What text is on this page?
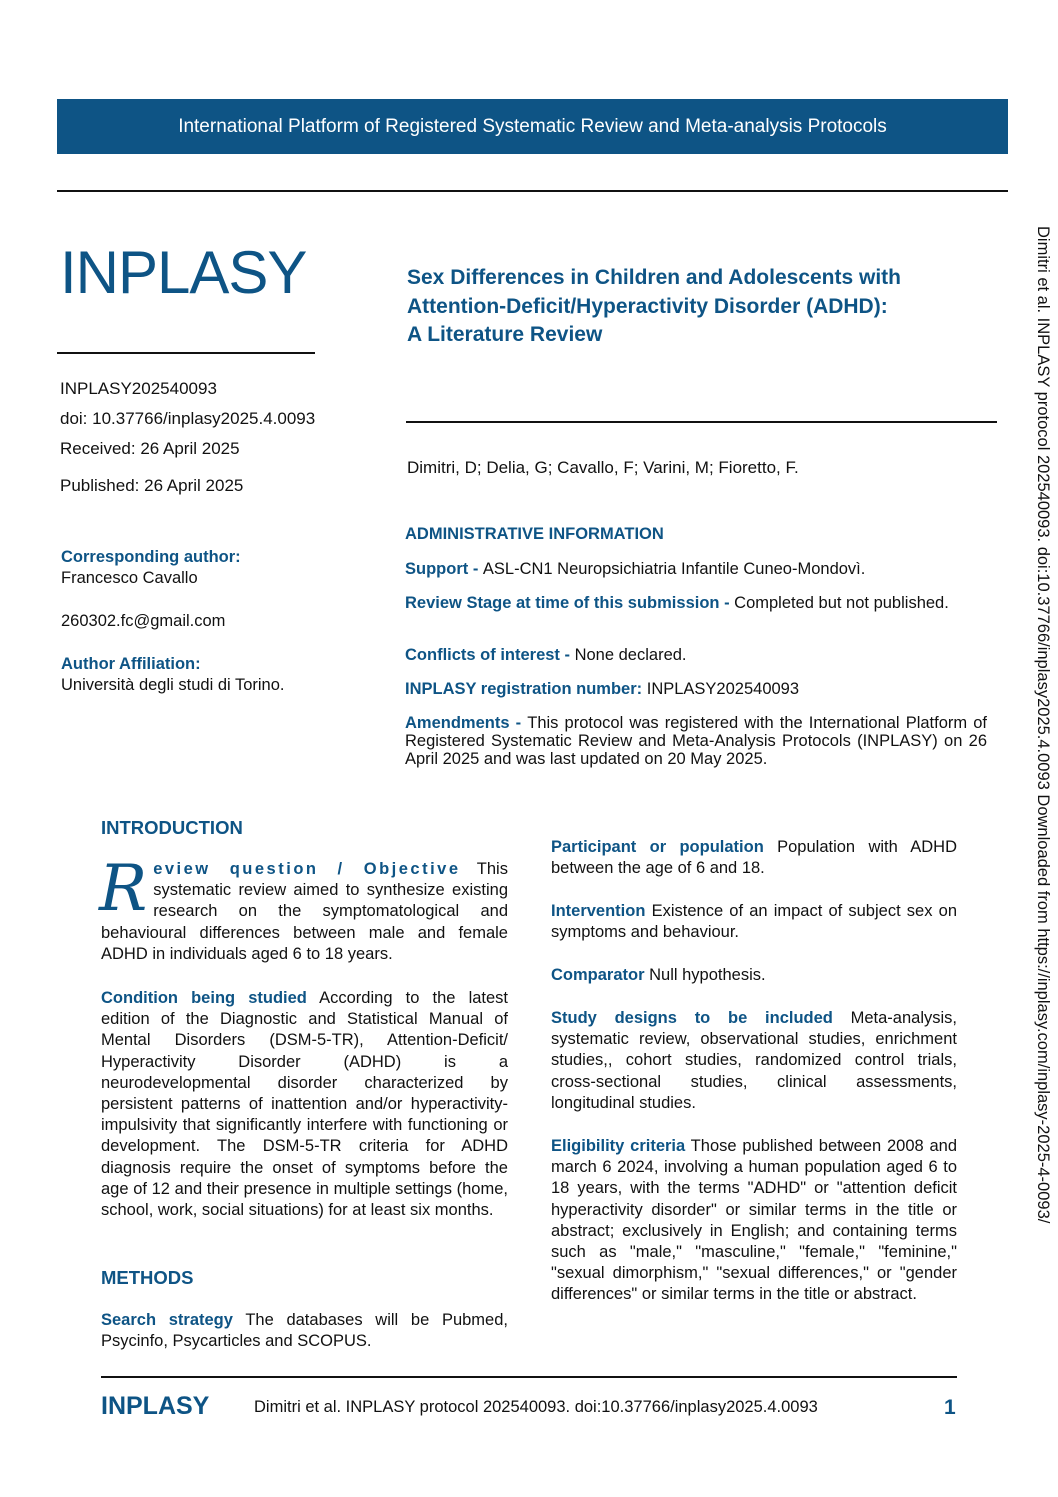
International Platform of Registered Systematic Review and Meta-analysis Protocols
INPLASY	Sex Differences in Children and Adolescents with
Attention-Deficit/Hyperactivity Disorder (ADHD):
A Literature Review
INPLASY202540093
doi: 10.37766/inplasy2025.4.0093
Received: 26 April 2025
Published: 26 April 2025
Corresponding author:
Francesco Cavallo
260302.fc@gmail.com
Author Affiliation:
Università degli studi di Torino.
Dimitri, D; Delia, G; Cavallo, F; Varini, M; Fioretto, F.
ADMINISTRATIVE INFORMATION
Support - ASL-CN1 Neuropsichiatria Infantile Cuneo-Mondovì.
Review Stage at time of this submission - Completed but not published.
Conflicts of interest - None declared.
INPLASY registration number: INPLASY202540093
Amendments - This protocol was registered with the International Platform of Registered Systematic Review and Meta-Analysis Protocols (INPLASY) on 26 April 2025 and was last updated on 20 May 2025.
INTRODUCTION

Review question / Objective This systematic review aimed to synthesize existing research on the symptomatological and behavioural differences between male and female ADHD in individuals aged 6 to 18 years.

Condition being studied According to the latest edition of the Diagnostic and Statistical Manual of Mental Disorders (DSM-5-TR), Attention-Deficit/ Hyperactivity Disorder (ADHD) is a neurodevelopmental disorder characterized by persistent patterns of inattention and/or hyperactivity-impulsivity that significantly interfere with functioning or development. The DSM-5-TR criteria for ADHD diagnosis require the onset of symptoms before the age of 12 and their presence in multiple settings (home, school, work, social situations) for at least six months.

METHODS

Search strategy The databases will be Pubmed, Psycinfo, Psycarticles and SCOPUS.

Participant or population Population with ADHD between the age of 6 and 18.

Intervention Existence of an impact of subject sex on symptoms and behaviour.

Comparator Null hypothesis.

Study designs to be included Meta-analysis, systematic review, observational studies, enrichment studies,, cohort studies, randomized control trials, cross-sectional studies, clinical assessments, longitudinal studies.

Eligibility criteria Those published between 2008 and march 6 2024, involving a human population aged 6 to 18 years, with the terms "ADHD" or "attention deficit hyperactivity disorder" or similar terms in the title or abstract; exclusively in English; and containing terms such as "male," "masculine," "female," "feminine," "sexual dimorphism," "sexual differences," or "gender differences" or similar terms in the title or abstract.

Dimitri et al. INPLASY protocol 202540093. doi:10.37766/inplasy2025.4.0093 Downloaded from https://inplasy.com/inplasy-2025-4-0093/
INPLASY	Dimitri et al. INPLASY protocol 202540093. doi:10.37766/inplasy2025.4.0093	1
